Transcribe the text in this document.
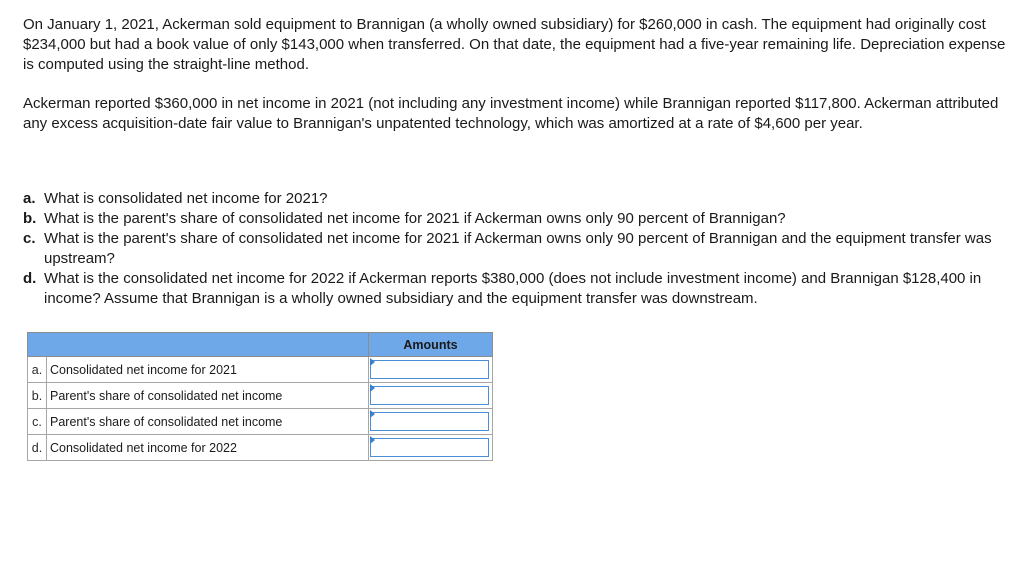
On January 1, 2021, Ackerman sold equipment to Brannigan (a wholly owned subsidiary) for $260,000 in cash. The equipment had originally cost $234,000 but had a book value of only $143,000 when transferred. On that date, the equipment had a five-year remaining life. Depreciation expense is computed using the straight-line method.

Ackerman reported $360,000 in net income in 2021 (not including any investment income) while Brannigan reported $117,800. Ackerman attributed any excess acquisition-date fair value to Brannigan's unpatented technology, which was amortized at a rate of $4,600 per year.

a. What is consolidated net income for 2021?
b. What is the parent's share of consolidated net income for 2021 if Ackerman owns only 90 percent of Brannigan?
c. What is the parent's share of consolidated net income for 2021 if Ackerman owns only 90 percent of Brannigan and the equipment transfer was upstream?
d. What is the consolidated net income for 2022 if Ackerman reports $380,000 (does not include investment income) and Brannigan $128,400 in income? Assume that Brannigan is a wholly owned subsidiary and the equipment transfer was downstream.
		Amounts
a.	Consolidated net income for 2021	

b.	Parent's share of consolidated net income	

c.	Parent's share of consolidated net income	

d.	Consolidated net income for 2022	
